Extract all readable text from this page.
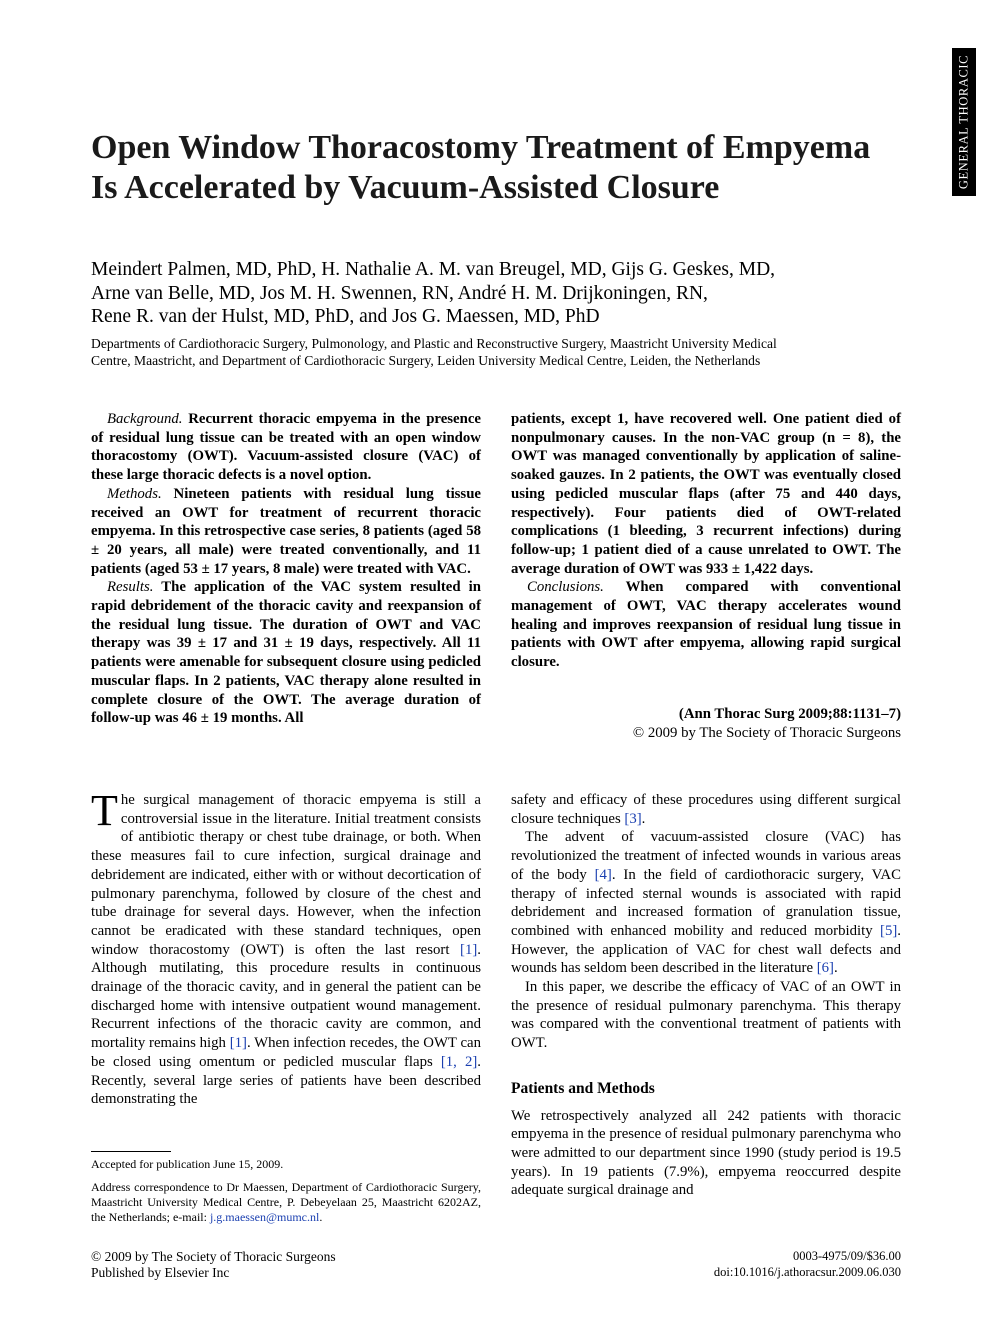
GENERAL THORACIC
Open Window Thoracostomy Treatment of Empyema Is Accelerated by Vacuum-Assisted Closure
Meindert Palmen, MD, PhD, H. Nathalie A. M. van Breugel, MD, Gijs G. Geskes, MD,
Arne van Belle, MD, Jos M. H. Swennen, RN, André H. M. Drijkoningen, RN,
Rene R. van der Hulst, MD, PhD, and Jos G. Maessen, MD, PhD
Departments of Cardiothoracic Surgery, Pulmonology, and Plastic and Reconstructive Surgery, Maastricht University Medical
Centre, Maastricht, and Department of Cardiothoracic Surgery, Leiden University Medical Centre, Leiden, the Netherlands

Background. Recurrent thoracic empyema in the presence of residual lung tissue can be treated with an open window thoracostomy (OWT). Vacuum-assisted closure (VAC) of these large thoracic defects is a novel option.

Methods. Nineteen patients with residual lung tissue received an OWT for treatment of recurrent thoracic empyema. In this retrospective case series, 8 patients (aged 58 ± 20 years, all male) were treated conventionally, and 11 patients (aged 53 ± 17 years, 8 male) were treated with VAC.

Results. The application of the VAC system resulted in rapid debridement of the thoracic cavity and reexpansion of the residual lung tissue. The duration of OWT and VAC therapy was 39 ± 17 and 31 ± 19 days, respectively. All 11 patients were amenable for subsequent closure using pedicled muscular flaps. In 2 patients, VAC therapy alone resulted in complete closure of the OWT. The average duration of follow-up was 46 ± 19 months. All

patients, except 1, have recovered well. One patient died of nonpulmonary causes. In the non-VAC group (n = 8), the OWT was managed conventionally by application of saline-soaked gauzes. In 2 patients, the OWT was eventually closed using pedicled muscular flaps (after 75 and 440 days, respectively). Four patients died of OWT-related complications (1 bleeding, 3 recurrent infections) during follow-up; 1 patient died of a cause unrelated to OWT. The average duration of OWT was 933 ± 1,422 days.

Conclusions. When compared with conventional management of OWT, VAC therapy accelerates wound healing and improves reexpansion of residual lung tissue in patients with OWT after empyema, allowing rapid surgical closure.

(Ann Thorac Surg 2009;88:1131–7)
© 2009 by The Society of Thoracic Surgeons

The surgical management of thoracic empyema is still a controversial issue in the literature. Initial treatment consists of antibiotic therapy or chest tube drainage, or both. When these measures fail to cure infection, surgical drainage and debridement are indicated, either with or without decortication of pulmonary parenchyma, followed by closure of the chest and tube drainage for several days. However, when the infection cannot be eradicated with these standard techniques, open window thoracostomy (OWT) is often the last resort [1]. Although mutilating, this procedure results in continuous drainage of the thoracic cavity, and in general the patient can be discharged home with intensive outpatient wound management. Recurrent infections of the thoracic cavity are common, and mortality remains high [1]. When infection recedes, the OWT can be closed using omentum or pedicled muscular flaps [1, 2]. Recently, several large series of patients have been described demonstrating the

safety and efficacy of these procedures using different surgical closure techniques [3].

The advent of vacuum-assisted closure (VAC) has revolutionized the treatment of infected wounds in various areas of the body [4]. In the field of cardiothoracic surgery, VAC therapy of infected sternal wounds is associated with rapid debridement and increased formation of granulation tissue, combined with enhanced mobility and reduced morbidity [5]. However, the application of VAC for chest wall defects and wounds has seldom been described in the literature [6].

In this paper, we describe the efficacy of VAC of an OWT in the presence of residual pulmonary parenchyma. This therapy was compared with the conventional treatment of patients with OWT.

Patients and Methods

We retrospectively analyzed all 242 patients with thoracic empyema in the presence of residual pulmonary parenchyma who were admitted to our department since 1990 (study period is 19.5 years). In 19 patients (7.9%), empyema reoccurred despite adequate surgical drainage and

Accepted for publication June 15, 2009.
Address correspondence to Dr Maessen, Department of Cardiothoracic Surgery, Maastricht University Medical Centre, P. Debeyelaan 25, Maastricht 6202AZ, the Netherlands; e-mail: j.g.maessen@mumc.nl.
© 2009 by The Society of Thoracic Surgeons
Published by Elsevier Inc
0003-4975/09/$36.00
doi:10.1016/j.athoracsur.2009.06.030
